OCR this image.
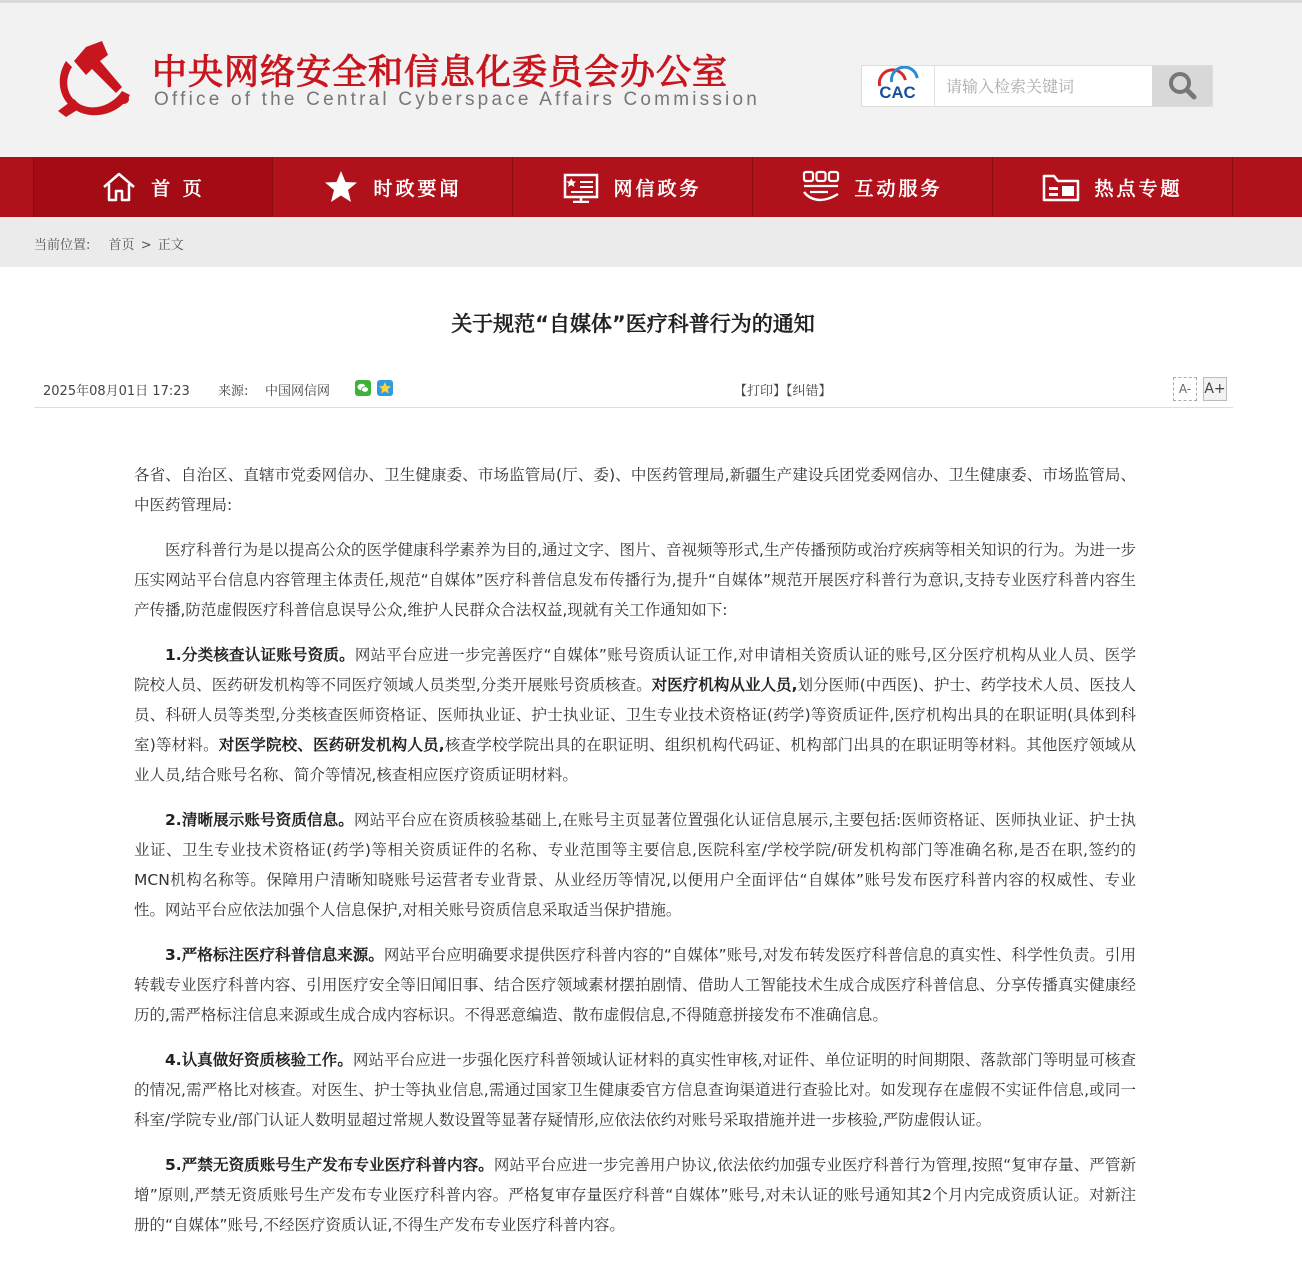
中央网络安全和信息化委员会办公室
Office of the Central Cyberspace Affairs Commission	CAC
请输入检索关键词
首 页	时政要闻	网信政务	互动服务	热点专题
当前位置: 首页 > 正文
关于规范“自媒体”医疗科普行为的通知
2025年08月01日 17:23 来源: 中国网信网	【打印】【纠错】	A- A+

各省、自治区、直辖市党委网信办、卫生健康委、市场监管局(厅、委)、中医药管理局,新疆生产建设兵团党委网信办、卫生健康委、市场监管局、中医药管理局:

医疗科普行为是以提高公众的医学健康科学素养为目的,通过文字、图片、音视频等形式,生产传播预防或治疗疾病等相关知识的行为。为进一步压实网站平台信息内容管理主体责任,规范“自媒体”医疗科普信息发布传播行为,提升“自媒体”规范开展医疗科普行为意识,支持专业医疗科普内容生产传播,防范虚假医疗科普信息误导公众,维护人民群众合法权益,现就有关工作通知如下:

1.分类核查认证账号资质。网站平台应进一步完善医疗“自媒体”账号资质认证工作,对申请相关资质认证的账号,区分医疗机构从业人员、医学院校人员、医药研发机构等不同医疗领域人员类型,分类开展账号资质核查。对医疗机构从业人员,划分医师(中西医)、护士、药学技术人员、医技人员、科研人员等类型,分类核查医师资格证、医师执业证、护士执业证、卫生专业技术资格证(药学)等资质证件,医疗机构出具的在职证明(具体到科室)等材料。对医学院校、医药研发机构人员,核查学校学院出具的在职证明、组织机构代码证、机构部门出具的在职证明等材料。其他医疗领域从业人员,结合账号名称、简介等情况,核查相应医疗资质证明材料。

2.清晰展示账号资质信息。网站平台应在资质核验基础上,在账号主页显著位置强化认证信息展示,主要包括:医师资格证、医师执业证、护士执业证、卫生专业技术资格证(药学)等相关资质证件的名称、专业范围等主要信息,医院科室/学校学院/研发机构部门等准确名称,是否在职,签约的MCN机构名称等。保障用户清晰知晓账号运营者专业背景、从业经历等情况,以便用户全面评估“自媒体”账号发布医疗科普内容的权威性、专业性。网站平台应依法加强个人信息保护,对相关账号资质信息采取适当保护措施。

3.严格标注医疗科普信息来源。网站平台应明确要求提供医疗科普内容的“自媒体”账号,对发布转发医疗科普信息的真实性、科学性负责。引用转载专业医疗科普内容、引用医疗安全等旧闻旧事、结合医疗领域素材摆拍剧情、借助人工智能技术生成合成医疗科普信息、分享传播真实健康经历的,需严格标注信息来源或生成合成内容标识。不得恶意编造、散布虚假信息,不得随意拼接发布不准确信息。

4.认真做好资质核验工作。网站平台应进一步强化医疗科普领域认证材料的真实性审核,对证件、单位证明的时间期限、落款部门等明显可核查的情况,需严格比对核查。对医生、护士等执业信息,需通过国家卫生健康委官方信息查询渠道进行查验比对。如发现存在虚假不实证件信息,或同一科室/学院专业/部门认证人数明显超过常规人数设置等显著存疑情形,应依法依约对账号采取措施并进一步核验,严防虚假认证。

5.严禁无资质账号生产发布专业医疗科普内容。网站平台应进一步完善用户协议,依法依约加强专业医疗科普行为管理,按照“复审存量、严管新增”原则,严禁无资质账号生产发布专业医疗科普内容。严格复审存量医疗科普“自媒体”账号,对未认证的账号通知其2个月内完成资质认证。对新注册的“自媒体”账号,不经医疗资质认证,不得生产发布专业医疗科普内容。
